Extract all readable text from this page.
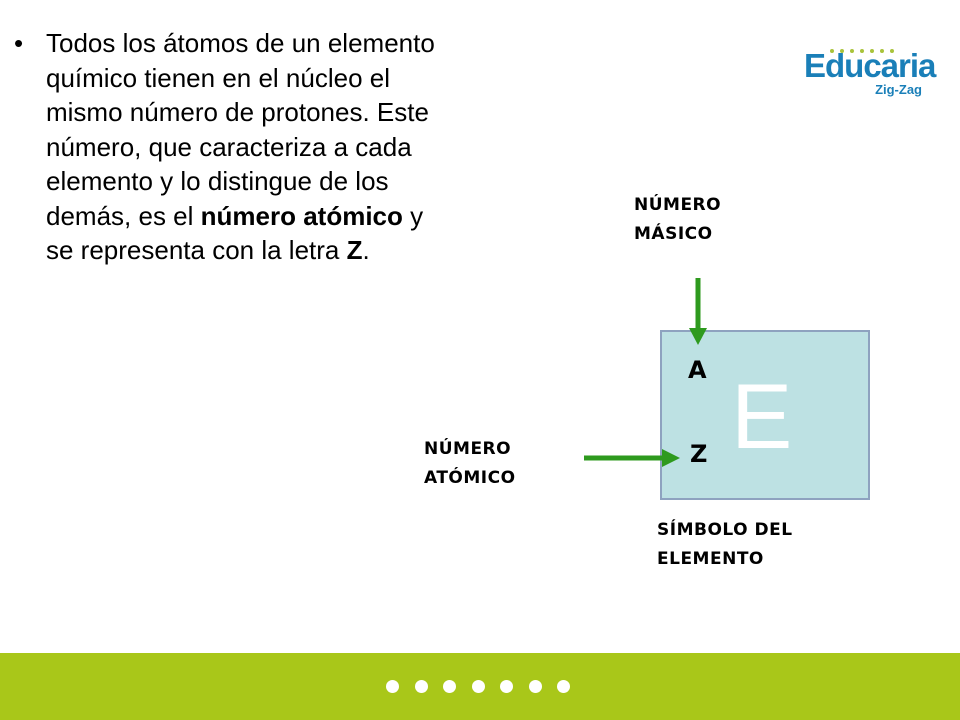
• Todos los átomos de un elemento químico tienen en el núcleo el mismo número de protones. Este número, que caracteriza a cada elemento y lo distingue de los demás, es el número atómico y se representa con la letra Z.
Educaria
Zig-Zag
NÚMERO
MÁSICO
NÚMERO
ATÓMICO
SÍMBOLO DEL
ELEMENTO
E
A
Z
